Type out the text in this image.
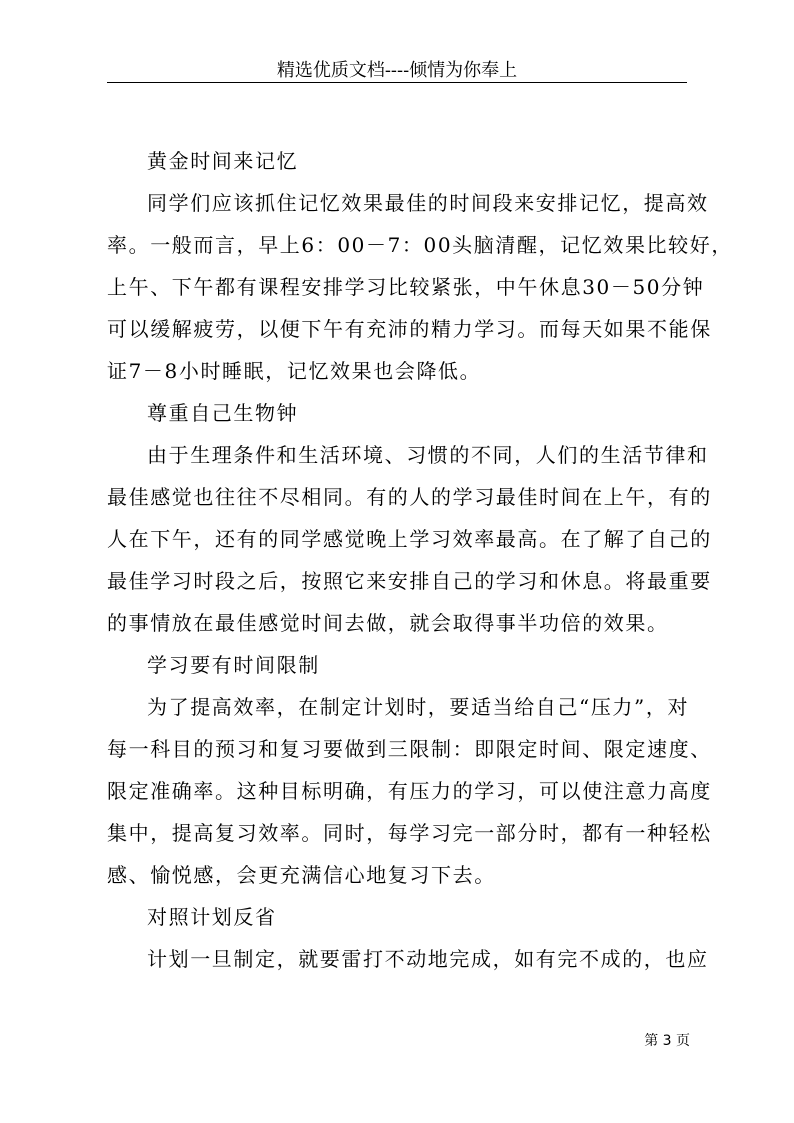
精选优质文档----倾情为你奉上
黄金时间来记忆
同学们应该抓住记忆效果最佳的时间段来安排记忆，提高效
率。一般而言，早上6：00－7：00头脑清醒，记忆效果比较好，
上午、下午都有课程安排学习比较紧张，中午休息30－50分钟
可以缓解疲劳，以便下午有充沛的精力学习。而每天如果不能保
证7－8小时睡眠，记忆效果也会降低。
尊重自己生物钟
由于生理条件和生活环境、习惯的不同，人们的生活节律和
最佳感觉也往往不尽相同。有的人的学习最佳时间在上午，有的
人在下午，还有的同学感觉晚上学习效率最高。在了解了自己的
最佳学习时段之后，按照它来安排自己的学习和休息。将最重要
的事情放在最佳感觉时间去做，就会取得事半功倍的效果。
学习要有时间限制
为了提高效率，在制定计划时，要适当给自己“压力”，对
每一科目的预习和复习要做到三限制：即限定时间、限定速度、
限定准确率。这种目标明确，有压力的学习，可以使注意力高度
集中，提高复习效率。同时，每学习完一部分时，都有一种轻松
感、愉悦感，会更充满信心地复习下去。
对照计划反省
计划一旦制定，就要雷打不动地完成，如有完不成的，也应
第 3 页
